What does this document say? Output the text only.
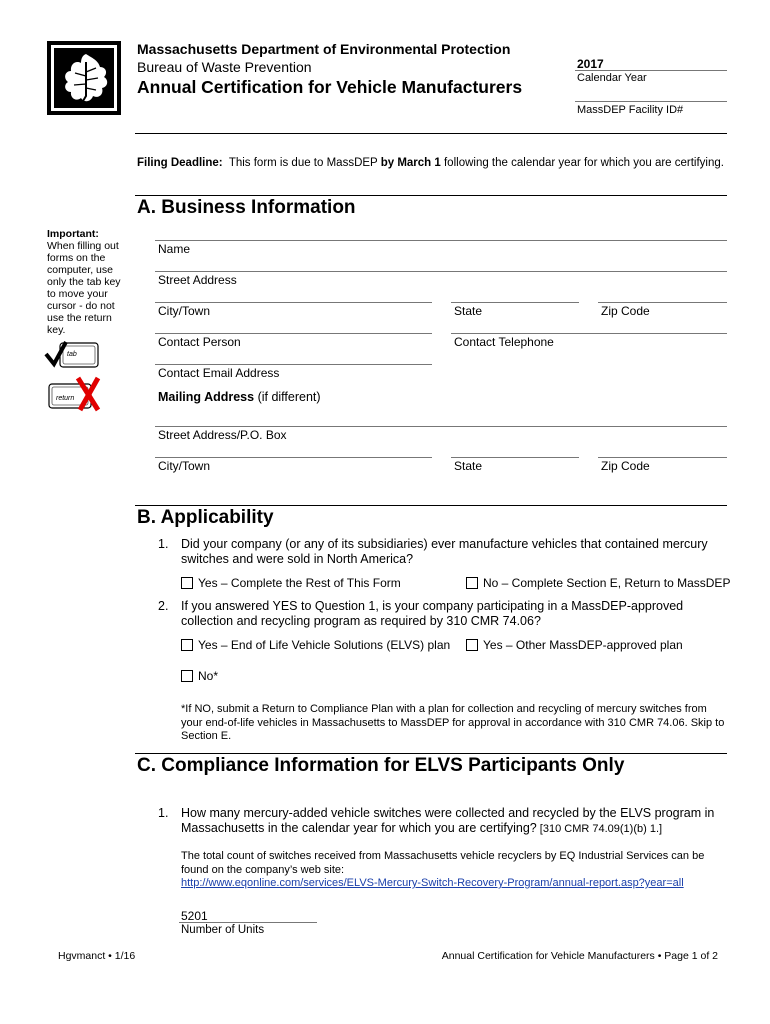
Massachusetts Department of Environmental Protection
Bureau of Waste Prevention
Annual Certification for Vehicle Manufacturers
2017
Calendar Year
MassDEP Facility ID#
Filing Deadline: This form is due to MassDEP by March 1 following the calendar year for which you are certifying.
A. Business Information
Important:
When filling out forms on the computer, use only the tab key to move your cursor - do not use the return key.
tab
return
Name
Street Address
City/Town	State	Zip Code
Contact Person	Contact Telephone
Contact Email Address
Mailing Address (if different)
Street Address/P.O. Box
City/Town	State	Zip Code
B. Applicability
1. Did your company (or any of its subsidiaries) ever manufacture vehicles that contained mercury switches and were sold in North America?
Yes – Complete the Rest of This Form	No – Complete Section E, Return to MassDEP
2. If you answered YES to Question 1, is your company participating in a MassDEP-approved collection and recycling program as required by 310 CMR 74.06?
Yes – End of Life Vehicle Solutions (ELVS) plan	Yes – Other MassDEP-approved plan
No*
*If NO, submit a Return to Compliance Plan with a plan for collection and recycling of mercury switches from your end-of-life vehicles in Massachusetts to MassDEP for approval in accordance with 310 CMR 74.06. Skip to Section E.
C. Compliance Information for ELVS Participants Only
1. How many mercury-added vehicle switches were collected and recycled by the ELVS program in Massachusetts in the calendar year for which you are certifying? [310 CMR 74.09(1)(b) 1.]
The total count of switches received from Massachusetts vehicle recyclers by EQ Industrial Services can be found on the company’s web site:
http://www.eqonline.com/services/ELVS-Mercury-Switch-Recovery-Program/annual-report.asp?year=all
5201
Number of Units
Hgvmanct • 1/16	Annual Certification for Vehicle Manufacturers • Page 1 of 2
